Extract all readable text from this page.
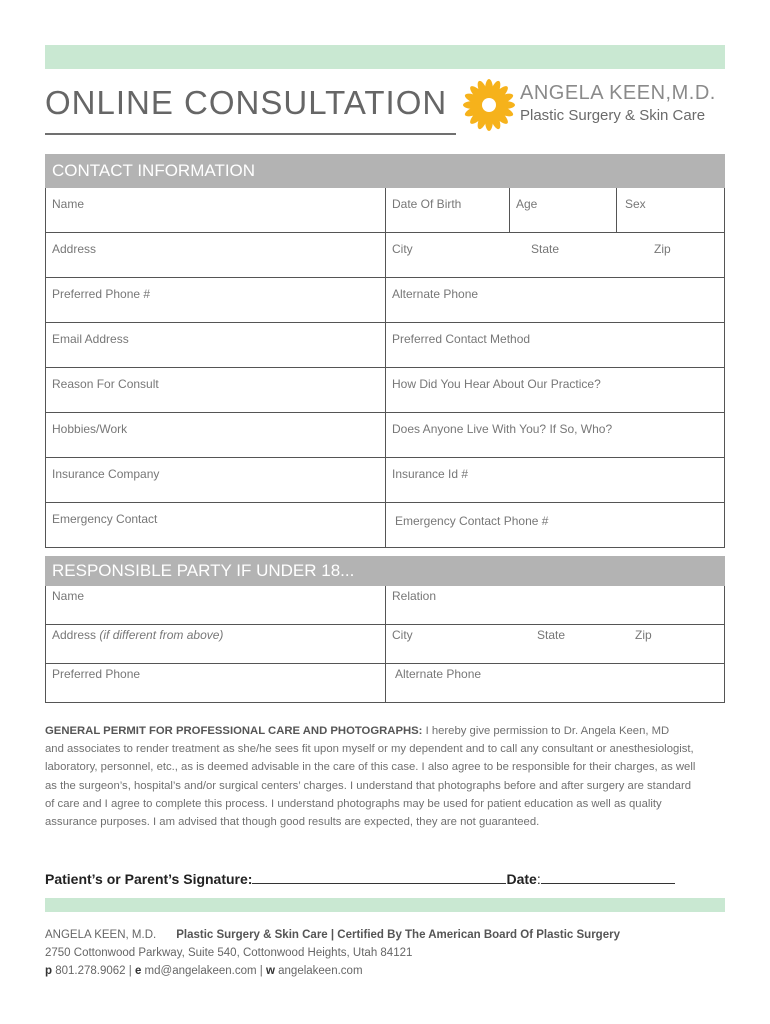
ONLINE CONSULTATION	ANGELA KEEN,M.D.
Plastic Surgery & Skin Care
CONTACT INFORMATION
Name	Date Of Birth	Age	Sex
Address	City	State	Zip
Preferred Phone #	Alternate Phone
Email Address	Preferred Contact Method
Reason For Consult	How Did You Hear About Our Practice?
Hobbies/Work	Does Anyone Live With You? If So, Who?
Insurance Company	Insurance Id #
Emergency Contact	Emergency Contact Phone #
RESPONSIBLE PARTY IF UNDER 18...
Name	Relation
Address (if different from above)	City	State	Zip
Preferred Phone	Alternate Phone
GENERAL PERMIT FOR PROFESSIONAL CARE AND PHOTOGRAPHS: I hereby give permission to Dr. Angela Keen, MD
and associates to render treatment as she/he sees fit upon myself or my dependent and to call any consultant or anesthesiologist,
laboratory, personnel, etc., as is deemed advisable in the care of this case. I also agree to be responsible for their charges, as well
as the surgeon’s, hospital’s and/or surgical centers’ charges. I understand that photographs before and after surgery are standard
of care and I agree to complete this process. I understand photographs may be used for patient education as well as quality
assurance purposes. I am advised that though good results are expected, they are not guaranteed.
Patient’s or Parent’s Signature:	Date:
ANGELA KEEN, M.D. Plastic Surgery & Skin Care | Certified By The American Board Of Plastic Surgery
2750 Cottonwood Parkway, Suite 540, Cottonwood Heights, Utah 84121
p 801.278.9062 | e md@angelakeen.com | w angelakeen.com
